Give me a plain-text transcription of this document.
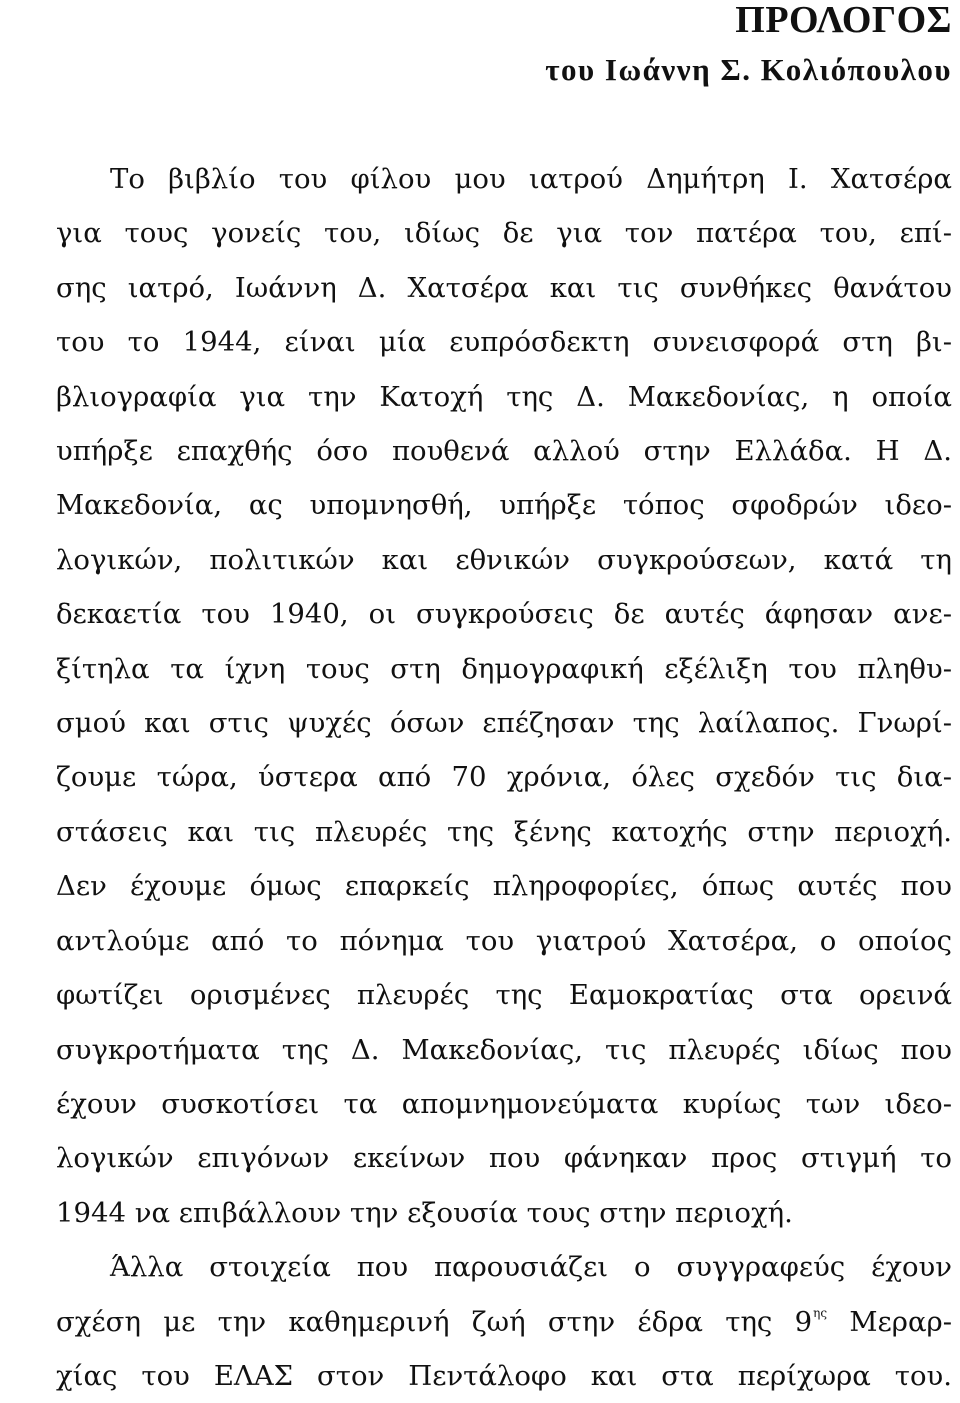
ΠΡΟΛΟΓΟΣ
του Ιωάννη Σ. Κολιόπουλου
Το βιβλίο του φίλου μου ιατρού Δημήτρη Ι. Χατσέρα
για τους γονείς του, ιδίως δε για τον πατέρα του, επί-
σης ιατρό, Ιωάννη Δ. Χατσέρα και τις συνθήκες θανάτου
του το 1944, είναι μία ευπρόσδεκτη συνεισφορά στη βι-
βλιογραφία για την Κατοχή της Δ. Μακεδονίας, η οποία
υπήρξε επαχθής όσο πουθενά αλλού στην Ελλάδα. Η Δ.
Μακεδονία, ας υπομνησθή, υπήρξε τόπος σφοδρών ιδεο-
λογικών, πολιτικών και εθνικών συγκρούσεων, κατά τη
δεκαετία του 1940, οι συγκρούσεις δε αυτές άφησαν ανε-
ξίτηλα τα ίχνη τους στη δημογραφική εξέλιξη του πληθυ-
σμού και στις ψυχές όσων επέζησαν της λαίλαπος. Γνωρί-
ζουμε τώρα, ύστερα από 70 χρόνια, όλες σχεδόν τις δια-
στάσεις και τις πλευρές της ξένης κατοχής στην περιοχή.
Δεν έχουμε όμως επαρκείς πληροφορίες, όπως αυτές που
αντλούμε από το πόνημα του γιατρού Χατσέρα, ο οποίος
φωτίζει ορισμένες πλευρές της Εαμοκρατίας στα ορεινά
συγκροτήματα της Δ. Μακεδονίας, τις πλευρές ιδίως που
έχουν συσκοτίσει τα απομνημονεύματα κυρίως των ιδεο-
λογικών επιγόνων εκείνων που φάνηκαν προς στιγμή το
1944 να επιβάλλουν την εξουσία τους στην περιοχή.
Άλλα στοιχεία που παρουσιάζει ο συγγραφεύς έχουν
σχέση με την καθημερινή ζωή στην έδρα της $9^{\eta\varsigma}$ Μεραρ-
χίας του ΕΛΑΣ στον Πεντάλοφο και στα περίχωρα του.
